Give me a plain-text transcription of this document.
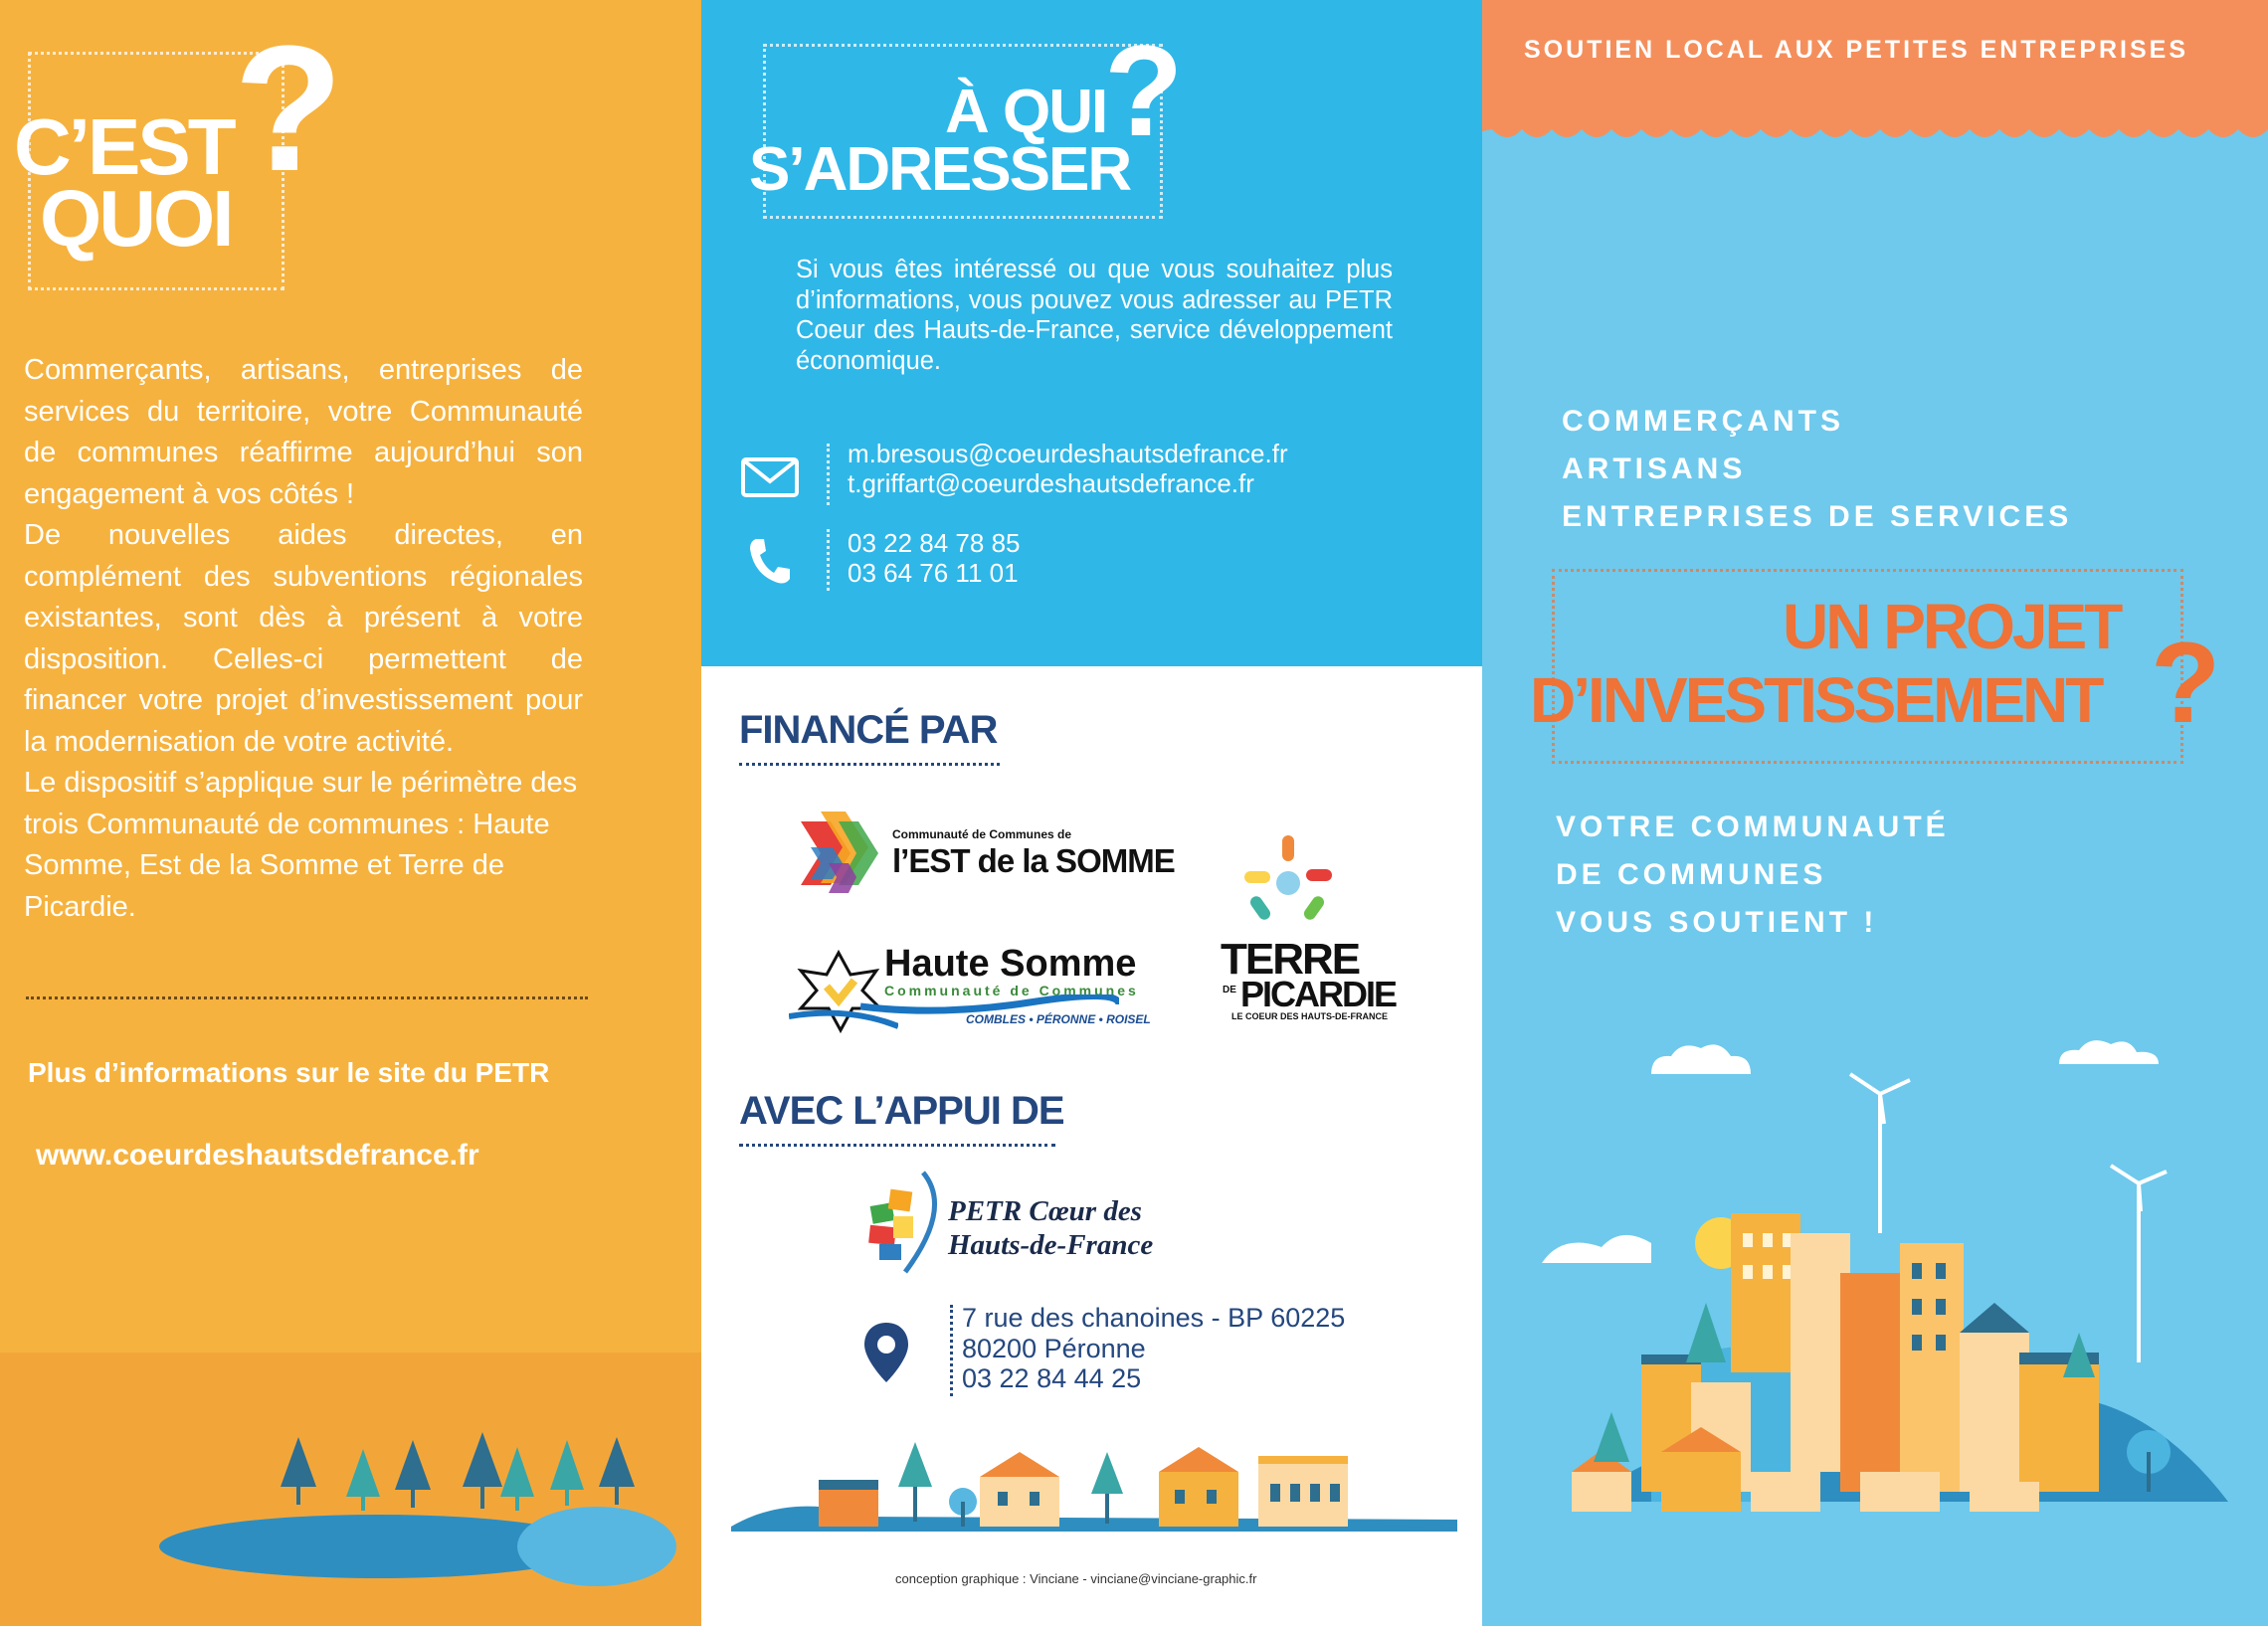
C’EST
QUOI
?

Commerçants, artisans, entreprises de services du territoire, votre Communauté de communes réaffirme aujourd’hui son engagement à vos côtés !

De nouvelles aides directes, en complément des subventions régionales existantes, sont dès à présent à votre disposition. Celles-ci permettent de financer votre projet d’investissement pour la modernisation de votre activité.

Le dispositif s’applique sur le périmètre des trois Communauté de communes : Haute Somme, Est de la Somme et Terre de Picardie.

Plus d’informations sur le site du PETR
www.coeurdeshautsdefrance.fr
À QUI
S’ADRESSER
?
Si vous êtes intéressé ou que vous souhaitez plus d’informations, vous pouvez vous adresser au PETR Coeur des Hauts-de-France, service développement économique.
m.bresous@coeurdeshautsdefrance.fr
t.griffart@coeurdeshautsdefrance.fr
03 22 84 78 85
03 64 76 11 01
FINANCÉ PAR
Communauté de Communes de
l’EST de la SOMME
TERRE
DE PICARDIE
LE COEUR DES HAUTS-DE-FRANCE
Haute Somme
Communauté de Communes
COMBLES • PÉRONNE • ROISEL
AVEC L’APPUI DE
PETR Cœur des
Hauts-de-France
7 rue des chanoines - BP 60225
80200 Péronne
03 22 84 44 25
conception graphique : Vinciane - vinciane@vinciane-graphic.fr
SOUTIEN LOCAL AUX PETITES ENTREPRISES
COMMERÇANTS
ARTISANS
ENTREPRISES DE SERVICES
UN PROJET
D’INVESTISSEMENT ?
VOTRE COMMUNAUTÉ
DE COMMUNES
VOUS SOUTIENT !
